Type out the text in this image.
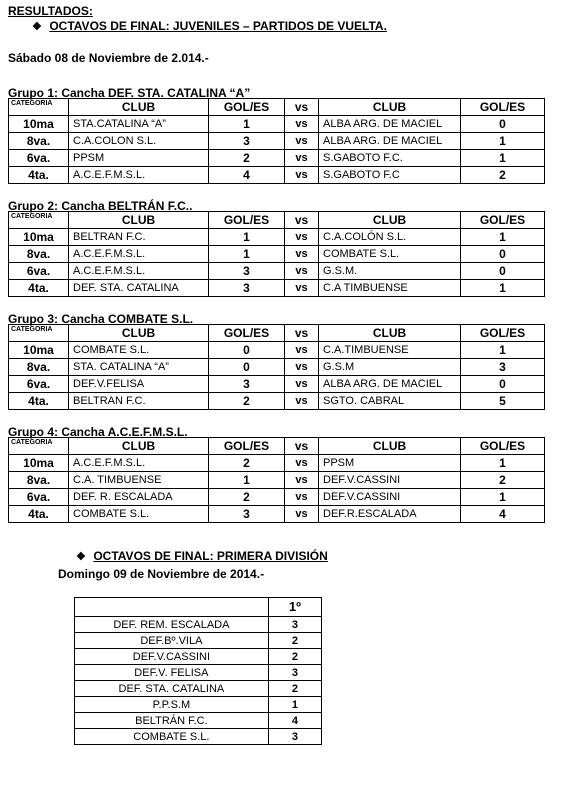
RESULTADOS:
❖ OCTAVOS DE FINAL: JUVENILES – PARTIDOS DE VUELTA.
Sábado 08 de Noviembre de 2.014.-
Grupo 1: Cancha DEF. STA. CATALINA “A”
CATEGORIA	CLUB	GOL/ES	vs	CLUB	GOL/ES
10ma	STA.CATALINA “A”	1	vs	ALBA ARG. DE MACIEL	0
8va.	C.A.COLON S.L.	3	vs	ALBA ARG. DE MACIEL	1
6va.	PPSM	2	vs	S.GABOTO F.C.	1
4ta.	A.C.E.F.M.S.L.	4	vs	S.GABOTO F.C	2
Grupo 2: Cancha BELTRÁN F.C..
CATEGORIA	CLUB	GOL/ES	vs	CLUB	GOL/ES
10ma	BELTRAN F.C.	1	vs	C.A.COLÓN S.L.	1
8va.	A.C.E.F.M.S.L.	1	vs	COMBATE S.L.	0
6va.	A.C.E.F.M.S.L.	3	vs	G.S.M.	0
4ta.	DEF. STA. CATALINA	3	vs	C.A TIMBUENSE	1
Grupo 3: Cancha COMBATE S.L.
CATEGORIA	CLUB	GOL/ES	vs	CLUB	GOL/ES
10ma	COMBATE S.L.	0	vs	C.A.TIMBUENSE	1
8va.	STA. CATALINA “A”	0	vs	G.S.M	3
6va.	DEF.V.FELISA	3	vs	ALBA ARG. DE MACIEL	0
4ta.	BELTRAN F.C.	2	vs	SGTO. CABRAL	5
Grupo 4: Cancha A.C.E.F.M.S.L.
CATEGORIA	CLUB	GOL/ES	vs	CLUB	GOL/ES
10ma	A.C.E.F.M.S.L.	2	vs	PPSM	1
8va.	C.A. TIMBUENSE	1	vs	DEF.V.CASSINI	2
6va.	DEF. R. ESCALADA	2	vs	DEF.V.CASSINI	1
4ta.	COMBATE S.L.	3	vs	DEF.R.ESCALADA	4
❖ OCTAVOS DE FINAL: PRIMERA DIVISIÓN
Domingo 09 de Noviembre de 2014.-
	1º
DEF. REM. ESCALADA	3
DEF.Bº.VILA	2
DEF.V.CASSINI	2
DEF.V. FELISA	3
DEF. STA. CATALINA	2
P.P.S.M	1
BELTRÁN F.C.	4
COMBATE S.L.	3
